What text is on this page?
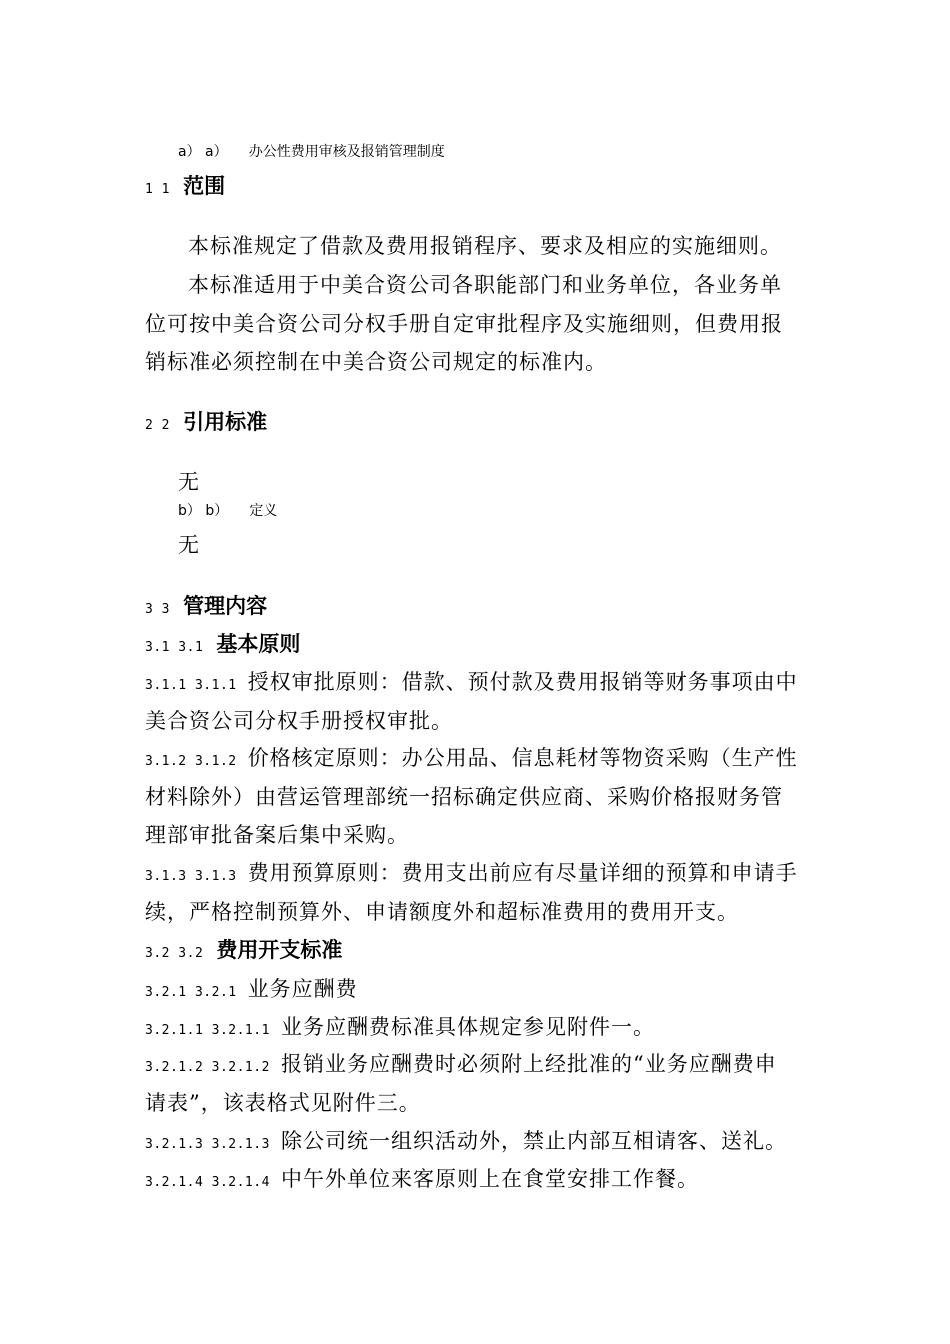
a） a） 办公性费用审核及报销管理制度
1 1 范围
本标准规定了借款及费用报销程序、要求及相应的实施细则。
本标准适用于中美合资公司各职能部门和业务单位，各业务单
位可按中美合资公司分权手册自定审批程序及实施细则，但费用报
销标准必须控制在中美合资公司规定的标准内。
2 2 引用标准
无
b） b） 定义
无
3 3 管理内容
3.1 3.1 基本原则
3.1.1 3.1.1 授权审批原则：借款、预付款及费用报销等财务事项由中
美合资公司分权手册授权审批。
3.1.2 3.1.2 价格核定原则：办公用品、信息耗材等物资采购（生产性
材料除外）由营运管理部统一招标确定供应商、采购价格报财务管
理部审批备案后集中采购。
3.1.3 3.1.3 费用预算原则：费用支出前应有尽量详细的预算和申请手
续，严格控制预算外、申请额度外和超标准费用的费用开支。
3.2 3.2 费用开支标准
3.2.1 3.2.1 业务应酬费
3.2.1.1 3.2.1.1 业务应酬费标准具体规定参见附件一。
3.2.1.2 3.2.1.2 报销业务应酬费时必须附上经批准的“业务应酬费申
请表”，该表格式见附件三。
3.2.1.3 3.2.1.3 除公司统一组织活动外，禁止内部互相请客、送礼。
3.2.1.4 3.2.1.4 中午外单位来客原则上在食堂安排工作餐。
